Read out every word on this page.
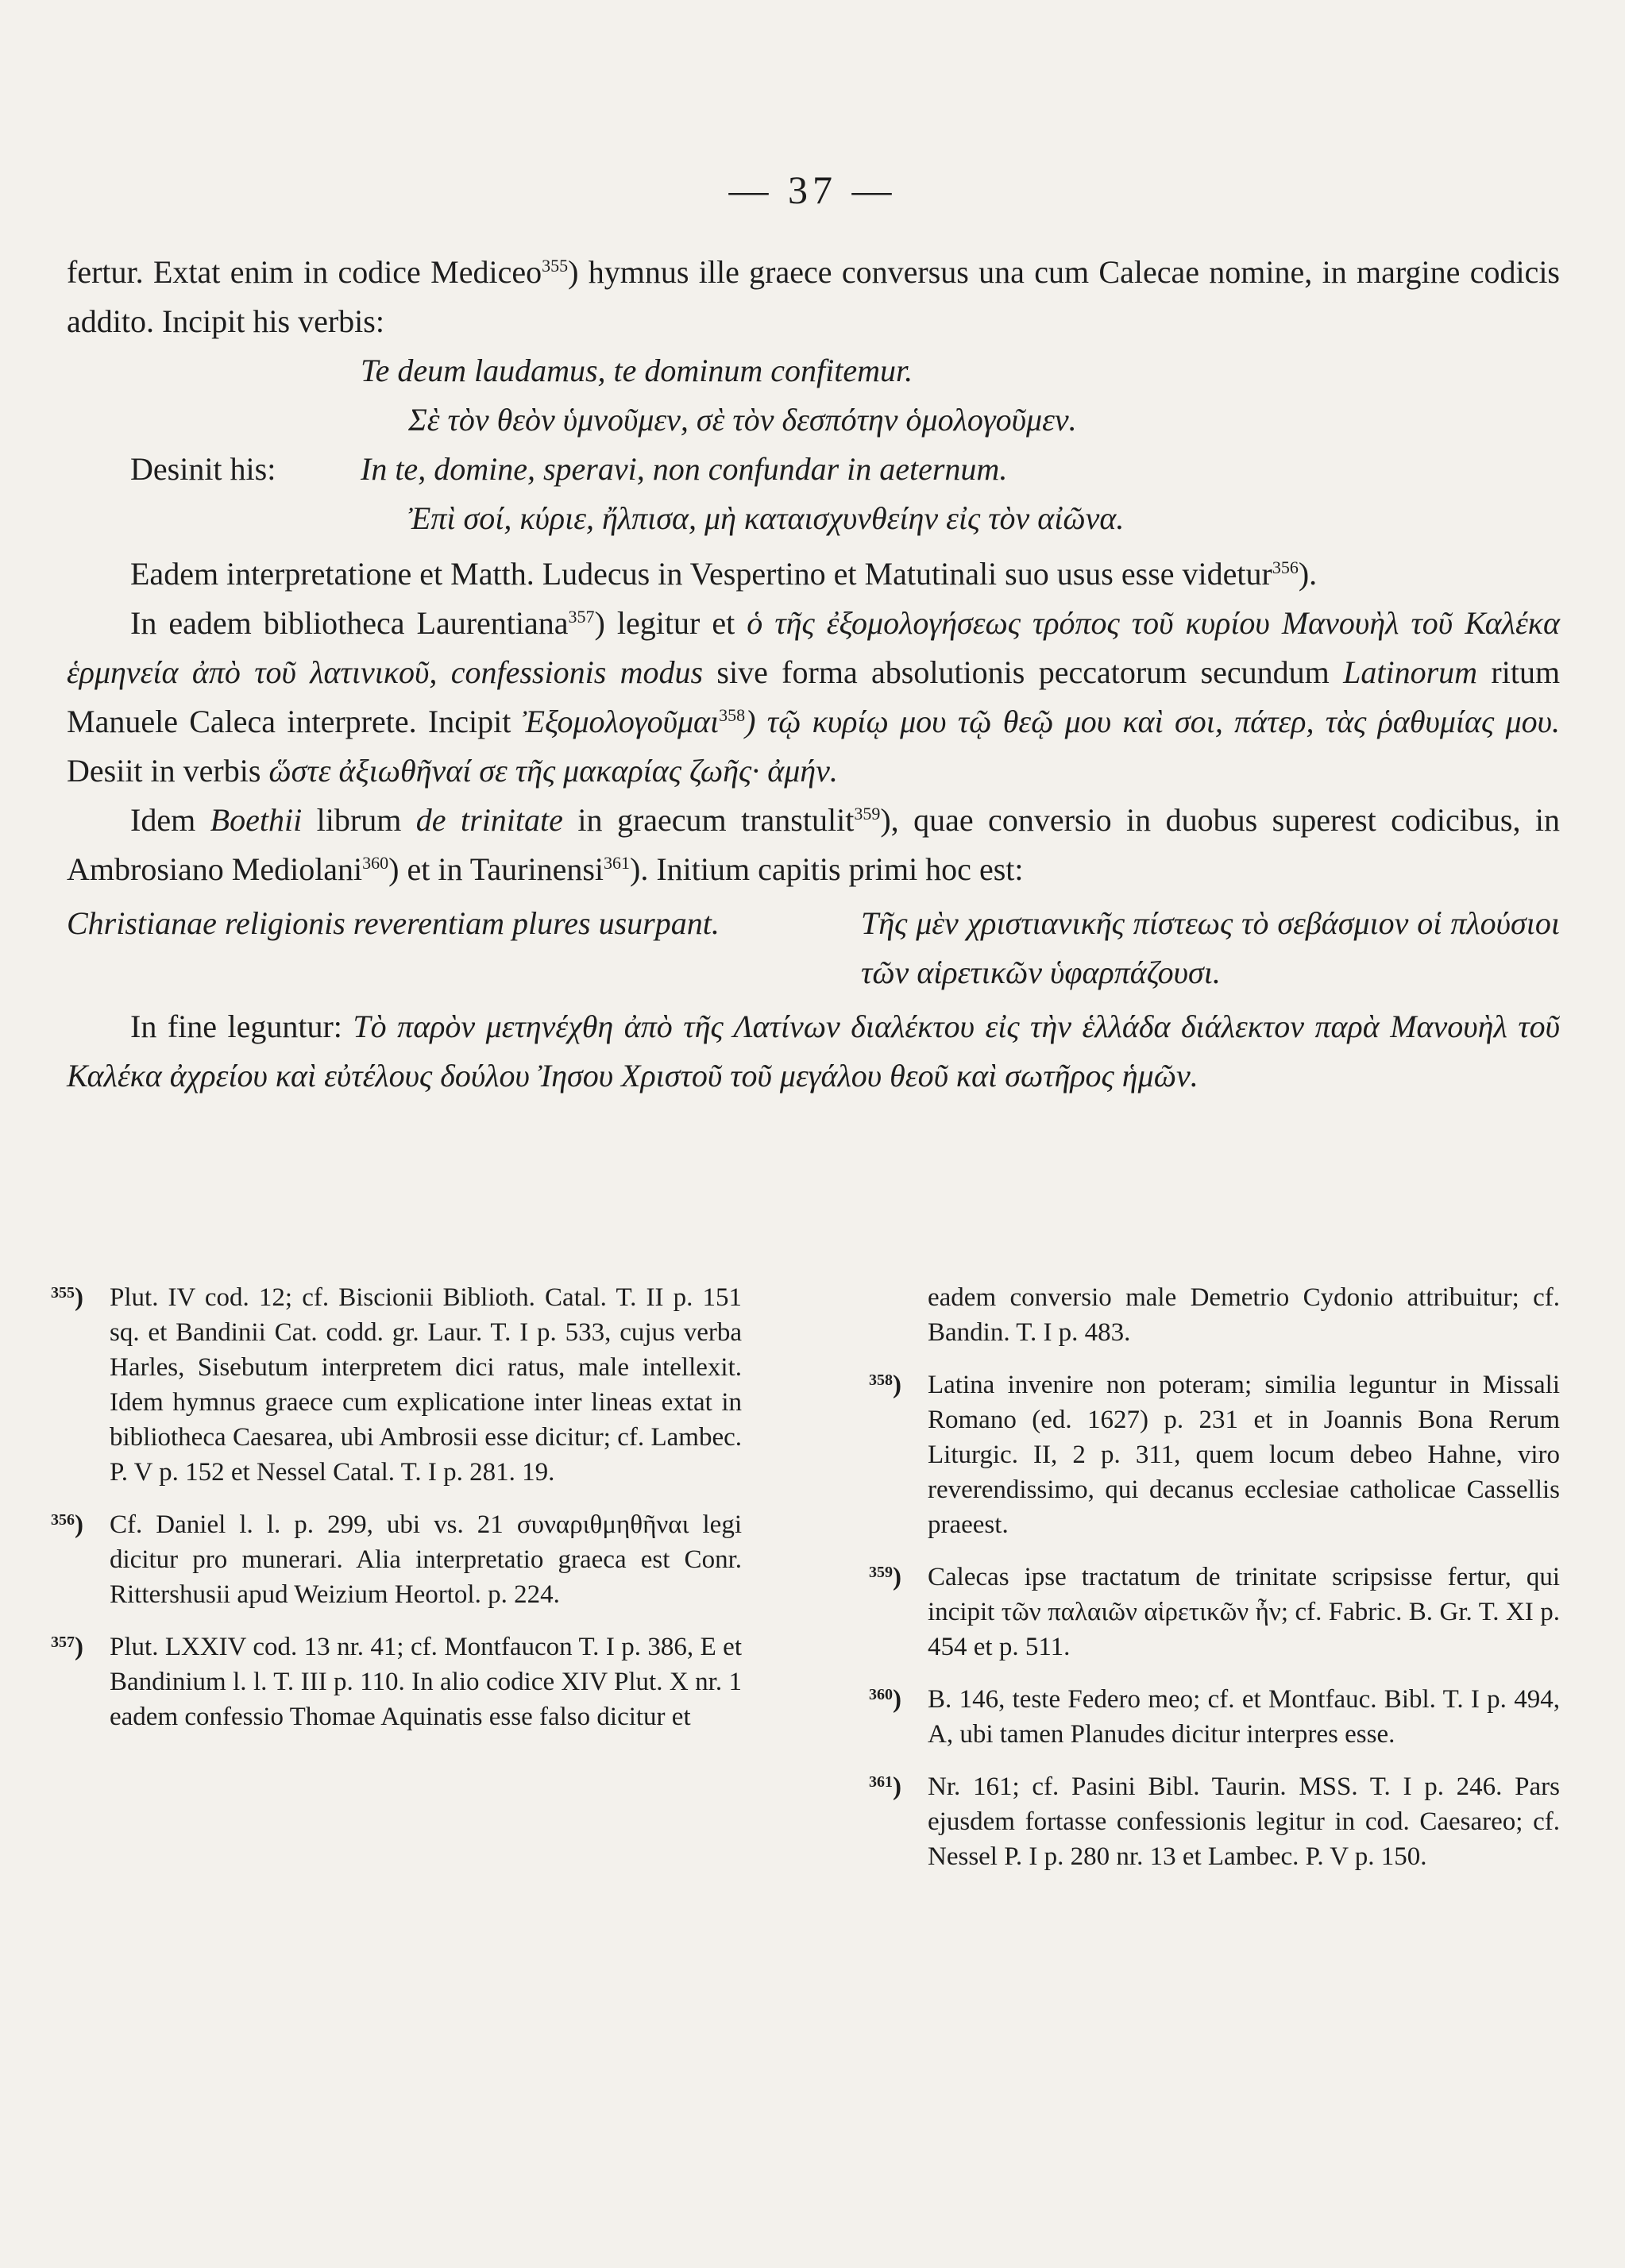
— 37 —

fertur. Extat enim in codice Mediceo$^{355}$) hymnus ille graece conversus una cum Calecae nomine, in margine codicis addito. Incipit his verbis:

Te deum laudamus, te dominum confitemur.

Σὲ τὸν θεὸν ὑμνοῦμεν, σὲ τὸν δεσπότην ὁμολογοῦμεν.

Desinit his:	In te, domine, speravi, non confundar in aeternum.

Ἐπὶ σοί, κύριε, ἤλπισα, μὴ καταισχυνθείην εἰς τὸν αἰῶνα.

Eadem interpretatione et Matth. Ludecus in Vespertino et Matutinali suo usus esse videtur$^{356}$).

In eadem bibliotheca Laurentiana$^{357}$) legitur et ὁ τῆς ἐξομολογήσεως τρόπος τοῦ κυρίου Μανουὴλ τοῦ Καλέκα ἑρμηνεία ἀπὸ τοῦ λατινικοῦ, confessionis modus sive forma absolutionis peccatorum secundum Latinorum ritum Manuele Caleca interprete. Incipit Ἐξομολογοῦμαι$^{358}$) τῷ κυρίῳ μου τῷ θεῷ μου καὶ σοι, πάτερ, τὰς ῥαθυμίας μου. Desiit in verbis ὥστε ἀξιωθῆναί σε τῆς μακαρίας ζωῆς· ἀμήν.

Idem Boethii librum de trinitate in graecum transtulit$^{359}$), quae conversio in duobus superest codicibus, in Ambrosiano Mediolani$^{360}$) et in Taurinensi$^{361}$). Initium capitis primi hoc est:

Christianae religionis reverentiam plures usurpant.	Τῆς μὲν χριστιανικῆς πίστεως τὸ σεβάσμιον οἱ πλούσιοι τῶν αἱρετικῶν ὑφαρπάζουσι.

In fine leguntur: Τὸ παρὸν μετηνέχθη ἀπὸ τῆς Λατίνων διαλέκτου εἰς τὴν ἑλλάδα διάλεκτον παρὰ Μανουὴλ τοῦ Καλέκα ἀχρείου καὶ εὐτέλους δούλου Ἰησου Χριστοῦ τοῦ μεγάλου θεοῦ καὶ σωτῆρος ἡμῶν.

$^{355}$)	Plut. IV cod. 12; cf. Biscionii Biblioth. Catal. T. II p. 151 sq. et Bandinii Cat. codd. gr. Laur. T. I p. 533, cujus verba Harles, Sisebutum interpretem dici ratus, male intellexit. Idem hymnus graece cum explicatione inter lineas extat in bibliotheca Caesarea, ubi Ambrosii esse dicitur; cf. Lambec. P. V p. 152 et Nessel Catal. T. I p. 281. 19.
$^{356}$)	Cf. Daniel l. l. p. 299, ubi vs. 21 συναριθμηθῆναι legi dicitur pro munerari. Alia interpretatio graeca est Conr. Rittershusii apud Weizium Heortol. p. 224.
$^{357}$)	Plut. LXXIV cod. 13 nr. 41; cf. Montfaucon T. I p. 386, E et Bandinium l. l. T. III p. 110. In alio codice XIV Plut. X nr. 1 eadem confessio Thomae Aquinatis esse falso dicitur et
eadem conversio male Demetrio Cydonio attribuitur; cf. Bandin. T. I p. 483.
$^{358}$)	Latina invenire non poteram; similia leguntur in Missali Romano (ed. 1627) p. 231 et in Joannis Bona Rerum Liturgic. II, 2 p. 311, quem locum debeo Hahne, viro reverendissimo, qui decanus ecclesiae catholicae Cassellis praeest.
$^{359}$)	Calecas ipse tractatum de trinitate scripsisse fertur, qui incipit τῶν παλαιῶν αἱρετικῶν ἦν; cf. Fabric. B. Gr. T. XI p. 454 et p. 511.
$^{360}$)	B. 146, teste Federo meo; cf. et Montfauc. Bibl. T. I p. 494, A, ubi tamen Planudes dicitur interpres esse.
$^{361}$)	Nr. 161; cf. Pasini Bibl. Taurin. MSS. T. I p. 246. Pars ejusdem fortasse confessionis legitur in cod. Caesareo; cf. Nessel P. I p. 280 nr. 13 et Lambec. P. V p. 150.
